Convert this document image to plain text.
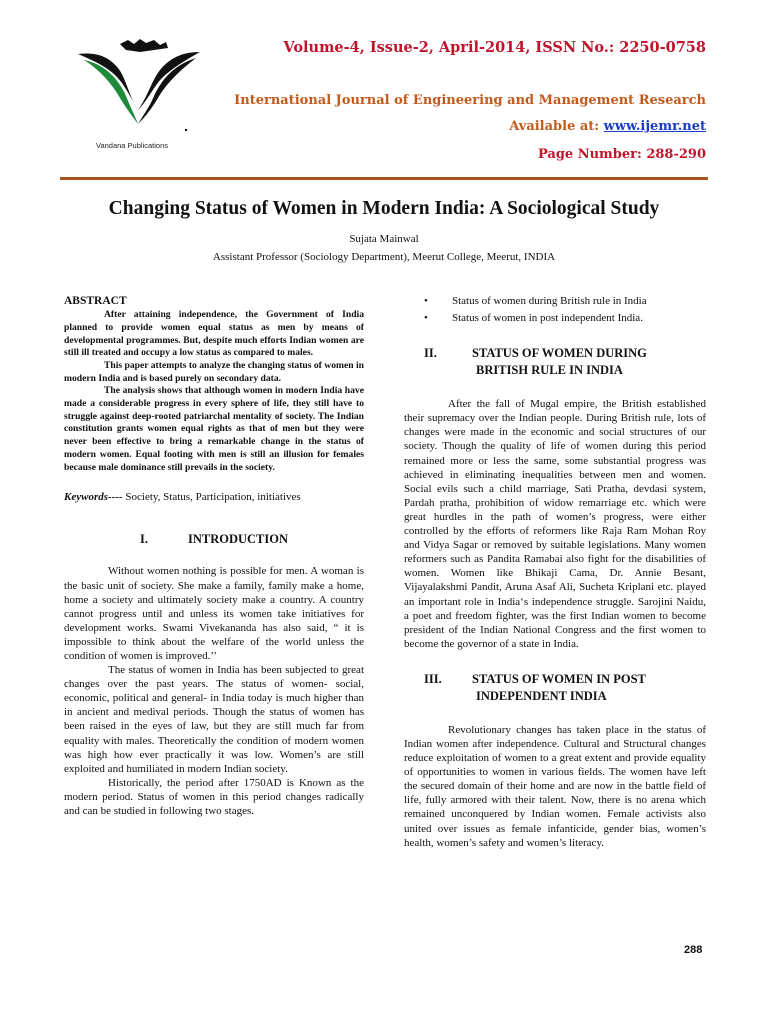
Vandana Publications
Volume-4, Issue-2, April-2014, ISSN No.: 2250-0758
International Journal of Engineering and Management Research
Available at: www.ijemr.net
Page Number: 288-290
Changing Status of Women in Modern India: A Sociological Study
Sujata Mainwal
Assistant Professor (Sociology Department), Meerut College, Meerut, INDIA
ABSTRACT

After attaining independence, the Government of India planned to provide women equal status as men by means of developmental programmes. But, despite much efforts Indian women are still ill treated and occupy a low status as compared to males.

This paper attempts to analyze the changing status of women in modern India and is based purely on secondary data.

The analysis shows that although women in modern India have made a considerable progress in every sphere of life, they still have to struggle against deep-rooted patriarchal mentality of society. The Indian constitution grants women equal rights as that of men but they were never been effective to bring a remarkable change in the status of modern women. Equal footing with men is still an illusion for females because male dominance still prevails in the society.

Keywords---- Society, Status, Participation, initiatives

I.	INTRODUCTION

Without women nothing is possible for men. A woman is the basic unit of society. She make a family, family make a home, home a society and ultimately society make a country. A country cannot progress until and unless its women take initiatives for development works. Swami Vivekananda has also said, “ it is impossible to think about the welfare of the world unless the condition of women is improved.’’

The status of women in India has been subjected to great changes over the past years. The status of women- social, economic, political and general- in India today is much higher than in ancient and medival periods. Though the status of women has been raised in the eyes of law, but they are still much far from equality with males. Theoretically the condition of modern women was high how ever practically it was low. Women’s are still exploited and humiliated in modern Indian society.

Historically, the period after 1750AD is Known as the modern period. Status of women in this period changes radically and can be studied in following two stages.

• Status of women during British rule in India
• Status of women in post independent India.
II.	STATUS OF WOMEN DURING
BRITISH RULE IN INDIA

After the fall of Mugal empire, the British established their supremacy over the Indian people. During British rule, lots of changes were made in the economic and social structures of our society. Though the quality of life of women during this period remained more or less the same, some substantial progress was achieved in eliminating inequalities between men and women. Social evils such a child marriage, Sati Pratha, devdasi system, Pardah pratha, prohibition of widow remarriage etc. which were great hurdles in the path of women’s progress, were either controlled by the efforts of reformers like Raja Ram Mohan Roy and Vidya Sagar or removed by suitable legislations. Many women reformers such as Pandita Ramabai also fight for the disabilities of women. Women like Bhikaji Cama, Dr. Annie Besant, Vijayalakshmi Pandit, Aruna Asaf Ali, Sucheta Kriplani etc. played an important role in India‘s independence struggle. Sarojini Naidu, a poet and freedom fighter, was the first Indian women to become president of the Indian National Congress and the first women to become the governor of a state in India.

III.	STATUS OF WOMEN IN POST
INDEPENDENT INDIA

Revolutionary changes has taken place in the status of Indian women after independence. Cultural and Structural changes reduce exploitation of women to a great extent and provide equality of opportunities to women in various fields. The women have left the secured domain of their home and are now in the battle field of life, fully armored with their talent. Now, there is no arena which remained unconquered by Indian women. Female activists also united over issues as female infanticide, gender bias, women’s health, women’s safety and women’s literacy.

288
